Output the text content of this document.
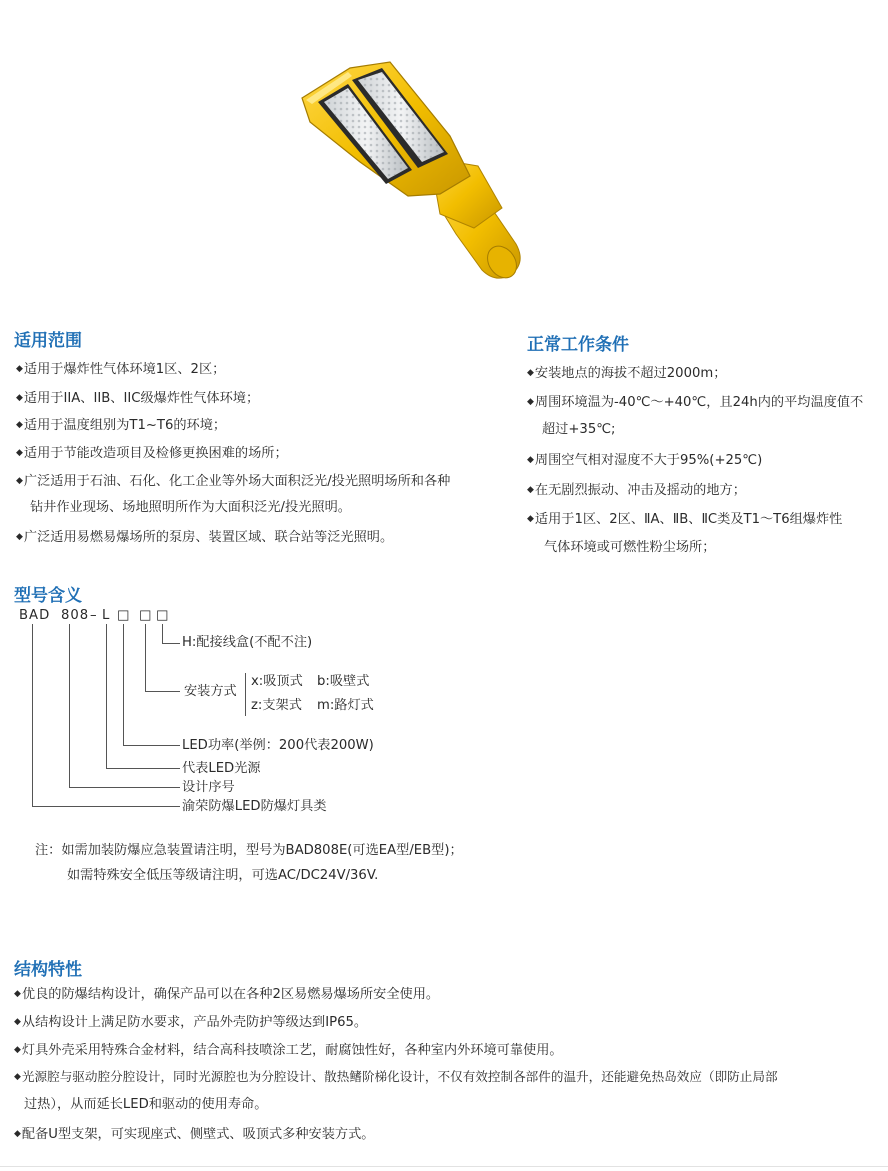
适用范围
◆适用于爆炸性气体环境1区、2区；
◆适用于IIA、IIB、IIC级爆炸性气体环境；
◆适用于温度组别为T1~T6的环境；
◆适用于节能改造项目及检修更换困难的场所；
◆广泛适用于石油、石化、化工企业等外场大面积泛光/投光照明场所和各种
钻井作业现场、场地照明所作为大面积泛光/投光照明。
◆广泛适用易燃易爆场所的泵房、装置区域、联合站等泛光照明。
正常工作条件
◆安装地点的海拔不超过2000m；
◆周围环境温为-40℃～+40℃，且24h内的平均温度值不
超过+35℃;
◆周围空气相对湿度不大于95%(+25℃)
◆在无剧烈振动、冲击及摇动的地方；
◆适用于1区、2区、ⅡA、ⅡB、ⅡC类及T1～T6组爆炸性
气体环境或可燃性粉尘场所；
型号含义
BAD 808 – L □ □ □
H:配接线盒(不配不注)
安装方式
x:吸顶式 b:吸壁式
z:支架式 m:路灯式
LED功率(举例：200代表200W)
代表LED光源
设计序号
渝荣防爆LED防爆灯具类
注：如需加装防爆应急装置请注明，型号为BAD808E(可选EA型/EB型)；
如需特殊安全低压等级请注明，可选AC/DC24V/36V.
结构特性
◆优良的防爆结构设计，确保产品可以在各种2区易燃易爆场所安全使用。
◆从结构设计上满足防水要求，产品外壳防护等级达到IP65。
◆灯具外壳采用特殊合金材料，结合高科技喷涂工艺，耐腐蚀性好，各种室内外环境可靠使用。
◆光源腔与驱动腔分腔设计，同时光源腔也为分腔设计、散热鳍阶梯化设计，不仅有效控制各部件的温升，还能避免热岛效应（即防止局部
过热），从而延长LED和驱动的使用寿命。
◆配备U型支架，可实现座式、侧壁式、吸顶式多种安装方式。
